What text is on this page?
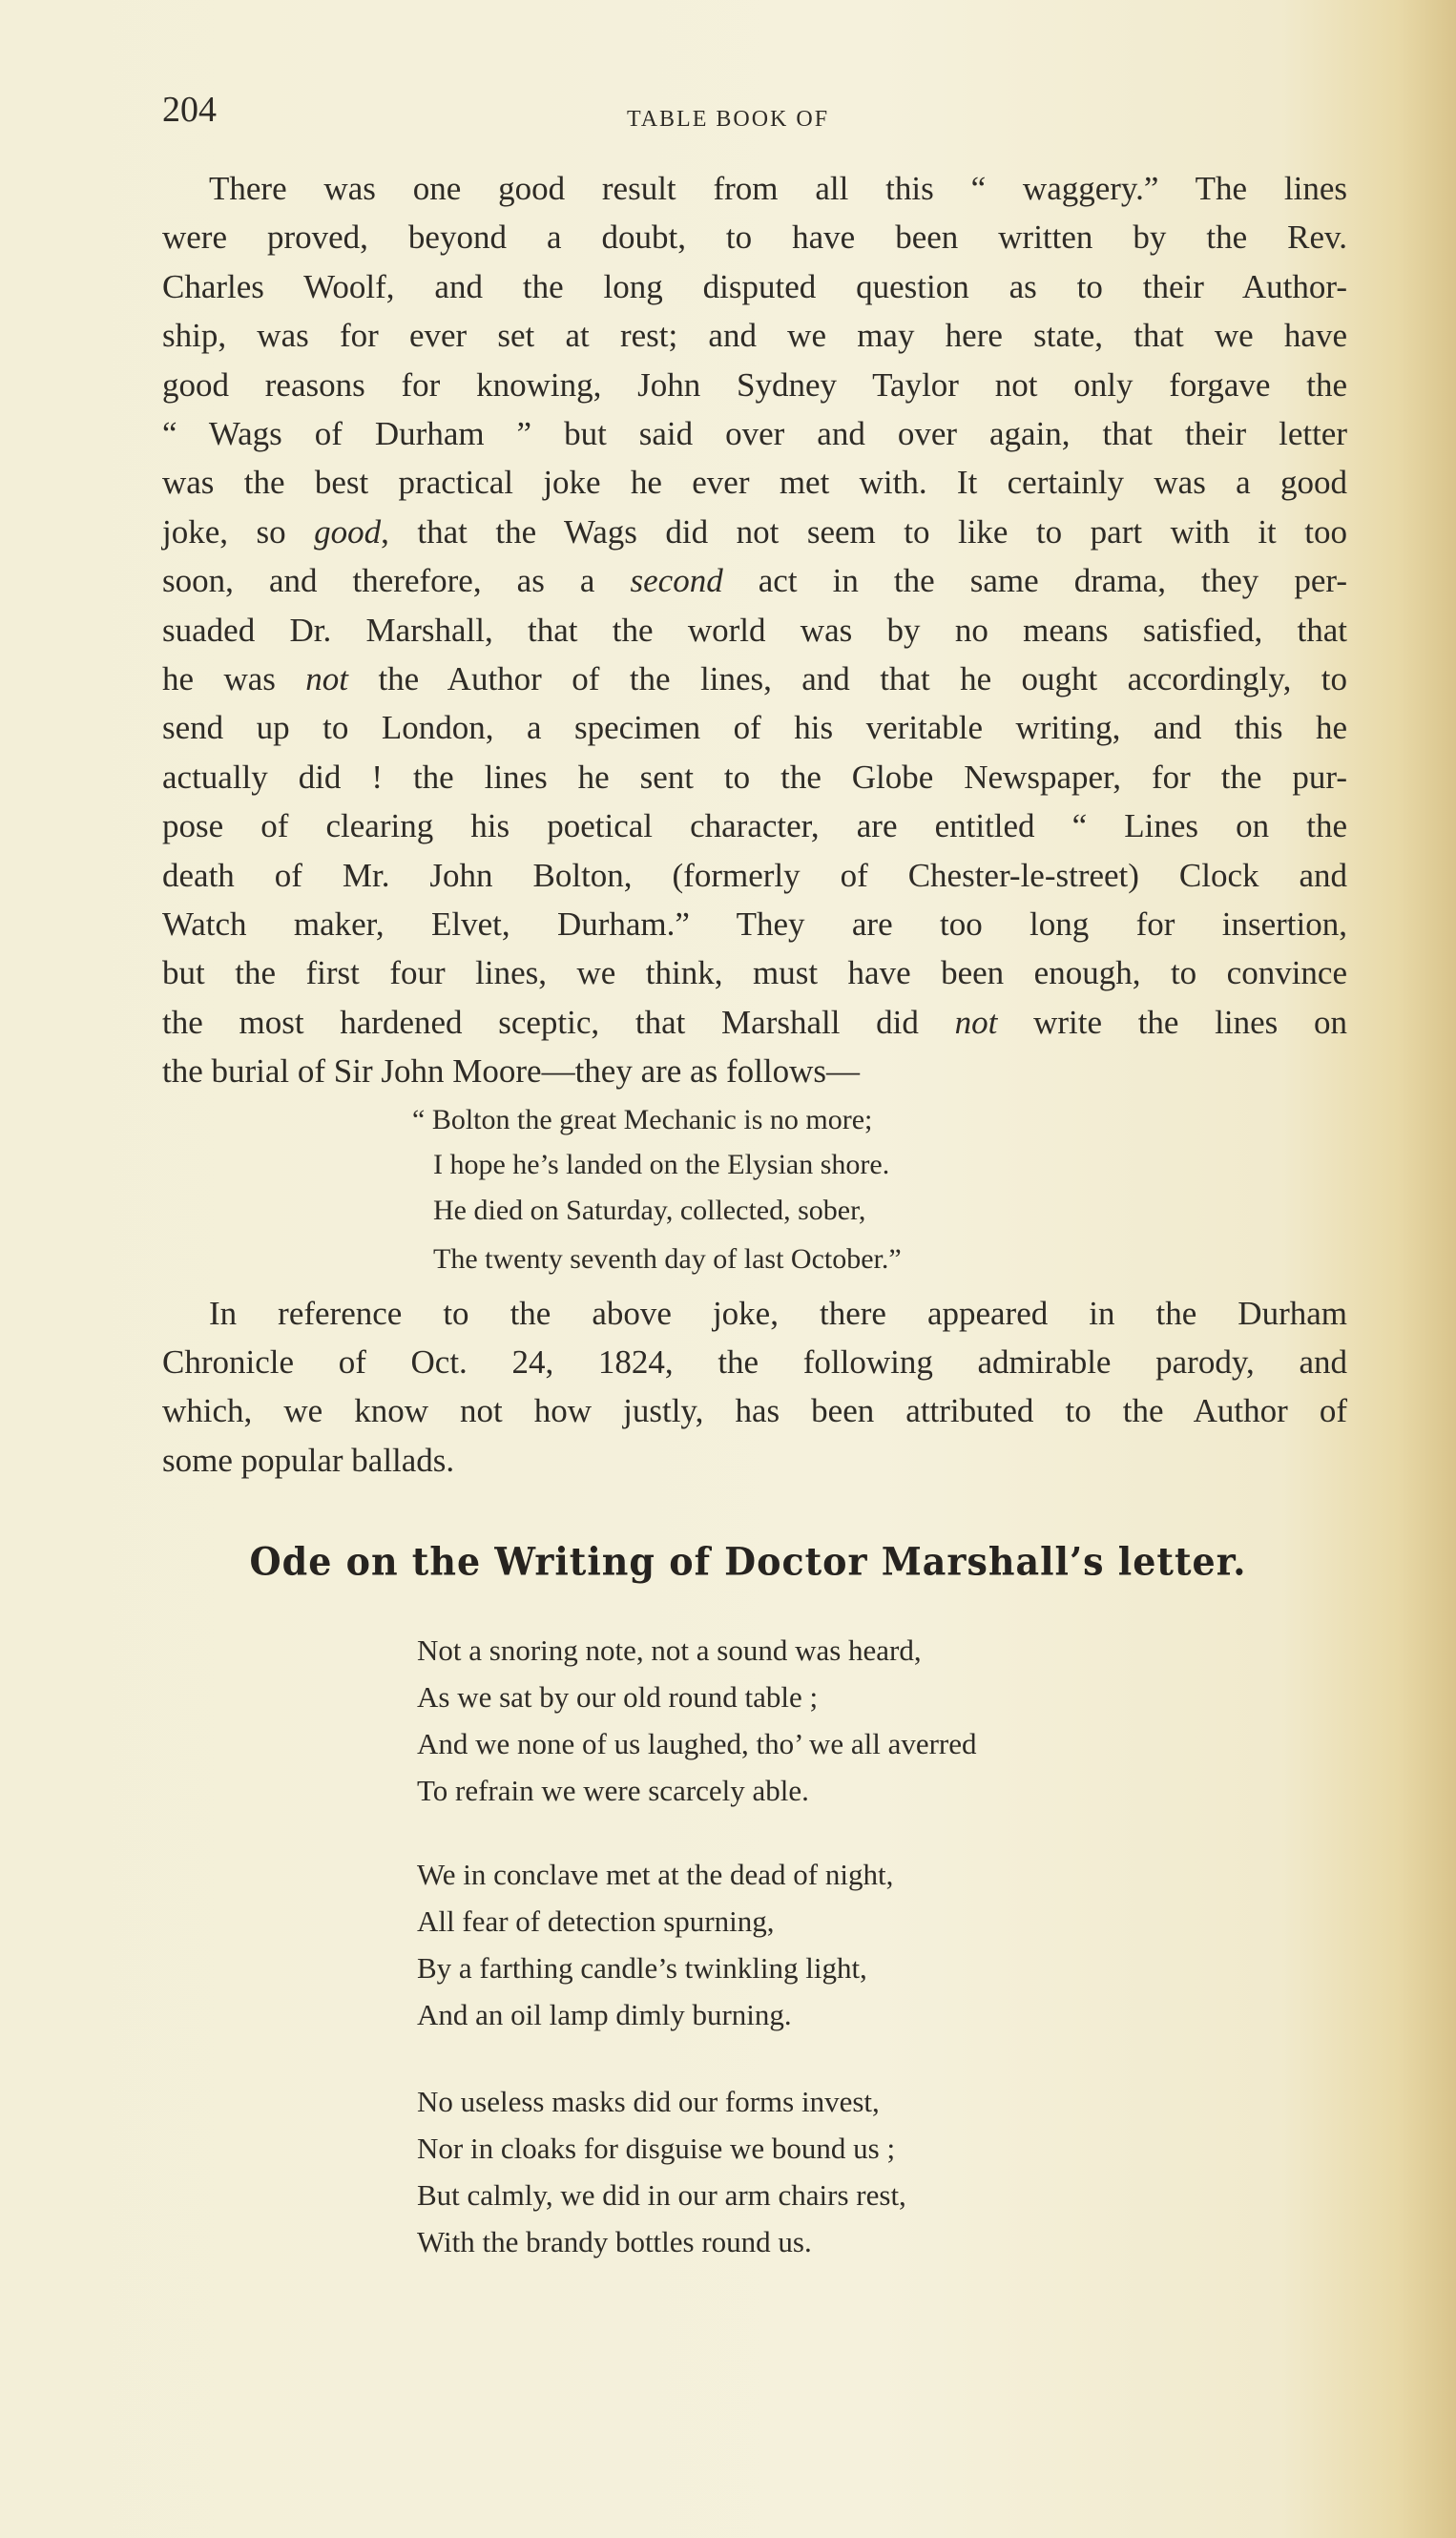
204	TABLE BOOK OF
There was one good result from all this “ waggery.” The lines
were proved, beyond a doubt, to have been written by the Rev.
Charles Woolf, and the long disputed question as to their Author-
ship, was for ever set at rest; and we may here state, that we have
good reasons for knowing, John Sydney Taylor not only forgave the
“ Wags of Durham ” but said over and over again, that their letter
was the best practical joke he ever met with. It certainly was a good
joke, so good, that the Wags did not seem to like to part with it too
soon, and therefore, as a second act in the same drama, they per-
suaded Dr. Marshall, that the world was by no means satisfied, that
he was not the Author of the lines, and that he ought accordingly, to
send up to London, a specimen of his veritable writing, and this he
actually did ! the lines he sent to the Globe Newspaper, for the pur-
pose of clearing his poetical character, are entitled “ Lines on the
death of Mr. John Bolton, (formerly of Chester-le-street) Clock and
Watch maker, Elvet, Durham.” They are too long for insertion,
but the first four lines, we think, must have been enough, to convince
the most hardened sceptic, that Marshall did not write the lines on
the burial of Sir John Moore—they are as follows—
“ Bolton the great Mechanic is no more;
I hope he’s landed on the Elysian shore.
He died on Saturday, collected, sober,
The twenty seventh day of last October.”
In reference to the above joke, there appeared in the Durham
Chronicle of Oct. 24, 1824, the following admirable parody, and
which, we know not how justly, has been attributed to the Author of
some popular ballads.
Ode on the Writing of Doctor Marshall’s letter.
Not a snoring note, not a sound was heard,
As we sat by our old round table ;
And we none of us laughed, tho’ we all averred
To refrain we were scarcely able.
We in conclave met at the dead of night,
All fear of detection spurning,
By a farthing candle’s twinkling light,
And an oil lamp dimly burning.
No useless masks did our forms invest,
Nor in cloaks for disguise we bound us ;
But calmly, we did in our arm chairs rest,
With the brandy bottles round us.
